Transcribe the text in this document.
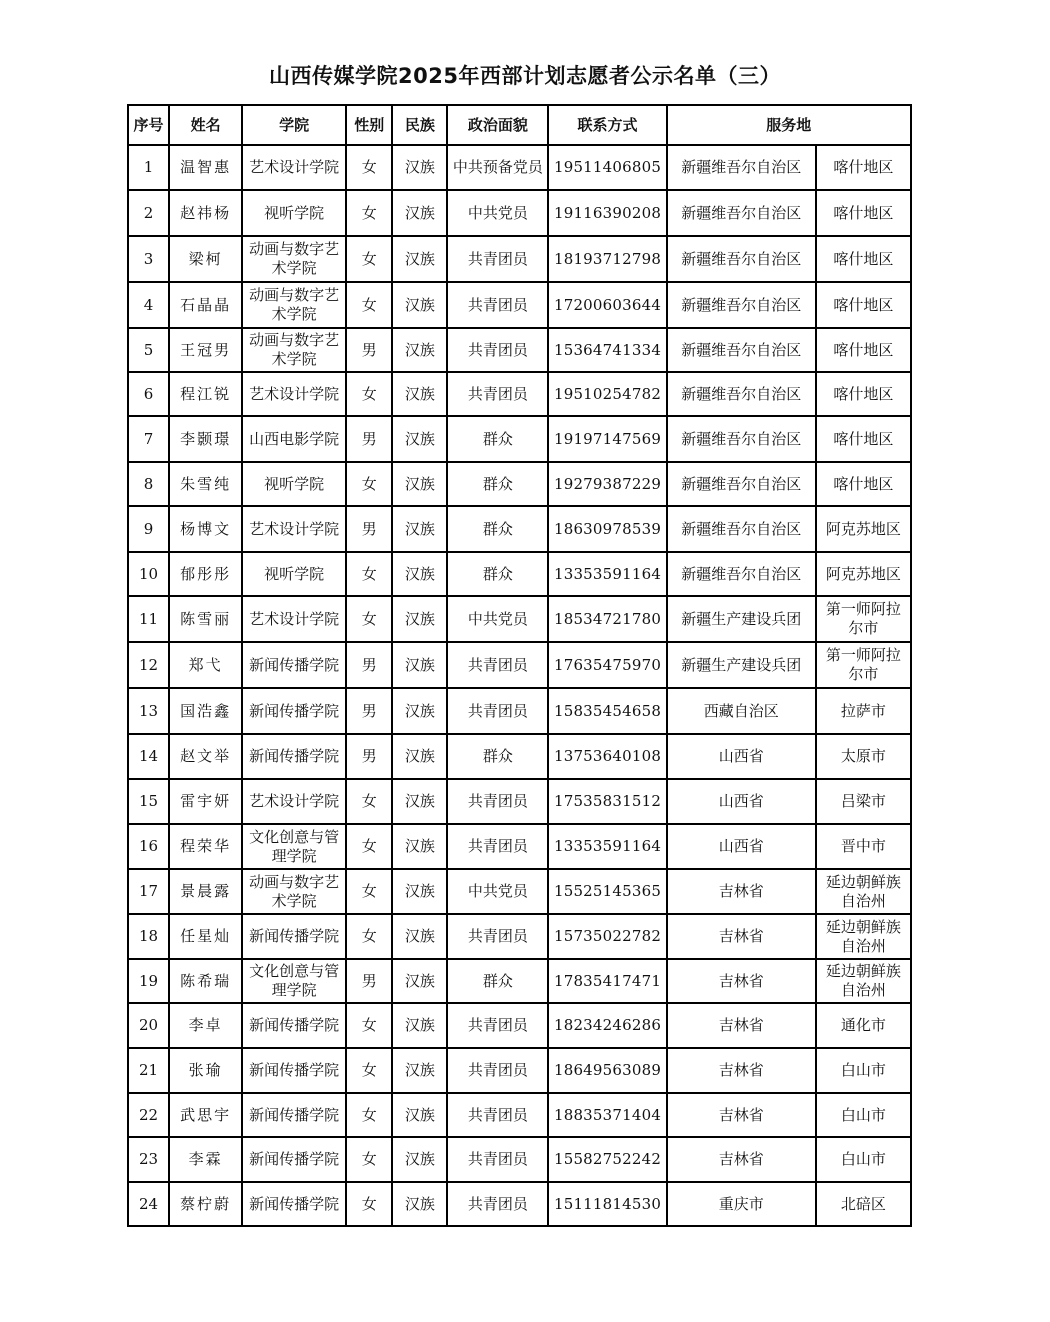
山西传媒学院2025年西部计划志愿者公示名单（三）
序号	姓名	学院	性别	民族	政治面貌	联系方式	服务地	
1	温智惠	艺术设计学院	女	汉族	中共预备党员	19511406805	新疆维吾尔自治区	喀什地区
2	赵祎杨	视听学院	女	汉族	中共党员	19116390208	新疆维吾尔自治区	喀什地区
3	梁柯	动画与数字艺术学院	女	汉族	共青团员	18193712798	新疆维吾尔自治区	喀什地区
4	石晶晶	动画与数字艺术学院	女	汉族	共青团员	17200603644	新疆维吾尔自治区	喀什地区
5	王冠男	动画与数字艺术学院	男	汉族	共青团员	15364741334	新疆维吾尔自治区	喀什地区
6	程江锐	艺术设计学院	女	汉族	共青团员	19510254782	新疆维吾尔自治区	喀什地区
7	李颢璟	山西电影学院	男	汉族	群众	19197147569	新疆维吾尔自治区	喀什地区
8	朱雪纯	视听学院	女	汉族	群众	19279387229	新疆维吾尔自治区	喀什地区
9	杨博文	艺术设计学院	男	汉族	群众	18630978539	新疆维吾尔自治区	阿克苏地区
10	郁彤彤	视听学院	女	汉族	群众	13353591164	新疆维吾尔自治区	阿克苏地区
11	陈雪丽	艺术设计学院	女	汉族	中共党员	18534721780	新疆生产建设兵团	第一师阿拉尔市
12	郑弋	新闻传播学院	男	汉族	共青团员	17635475970	新疆生产建设兵团	第一师阿拉尔市
13	国浩鑫	新闻传播学院	男	汉族	共青团员	15835454658	西藏自治区	拉萨市
14	赵文举	新闻传播学院	男	汉族	群众	13753640108	山西省	太原市
15	雷宇妍	艺术设计学院	女	汉族	共青团员	17535831512	山西省	吕梁市
16	程荣华	文化创意与管理学院	女	汉族	共青团员	13353591164	山西省	晋中市
17	景晨露	动画与数字艺术学院	女	汉族	中共党员	15525145365	吉林省	延边朝鲜族自治州
18	任星灿	新闻传播学院	女	汉族	共青团员	15735022782	吉林省	延边朝鲜族自治州
19	陈希瑞	文化创意与管理学院	男	汉族	群众	17835417471	吉林省	延边朝鲜族自治州
20	李卓	新闻传播学院	女	汉族	共青团员	18234246286	吉林省	通化市
21	张瑜	新闻传播学院	女	汉族	共青团员	18649563089	吉林省	白山市
22	武思宇	新闻传播学院	女	汉族	共青团员	18835371404	吉林省	白山市
23	李霖	新闻传播学院	女	汉族	共青团员	15582752242	吉林省	白山市
24	蔡柠蔚	新闻传播学院	女	汉族	共青团员	15111814530	重庆市	北碚区
